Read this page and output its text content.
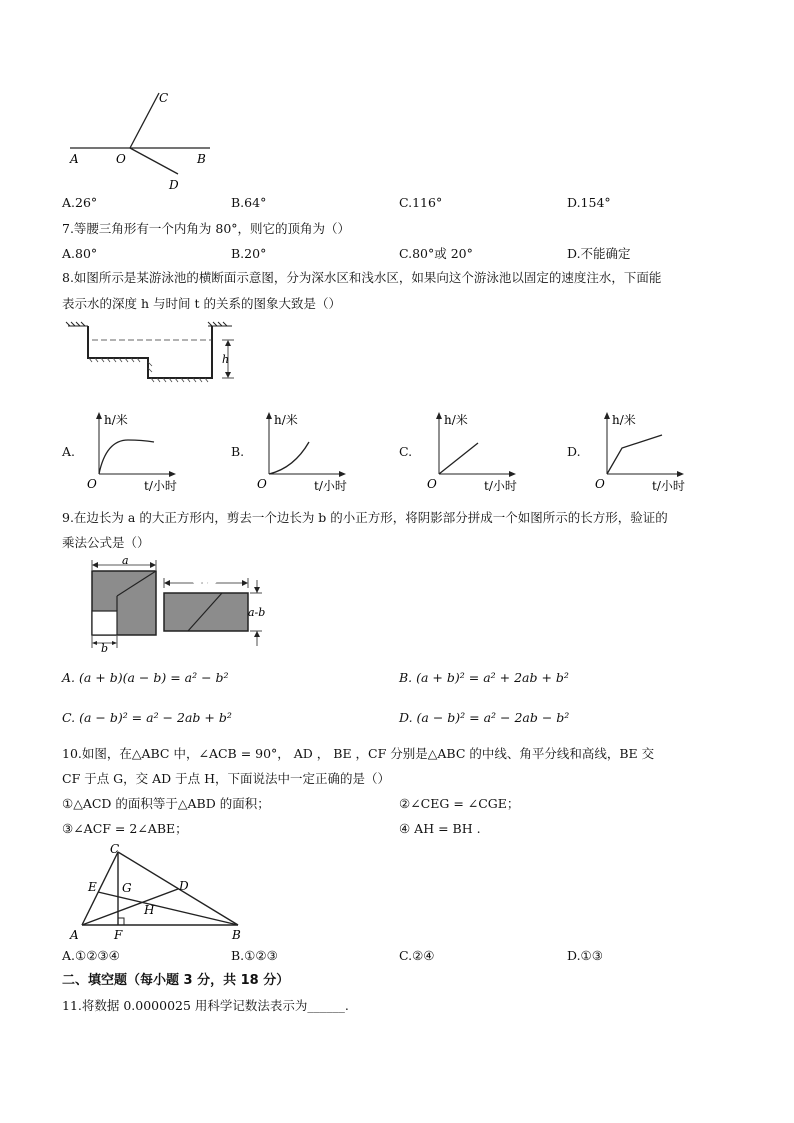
A	O	B
C
D
A.26°	B.64°	C.116°	D.154°
7.等腰三角形有一个内角为 80°，则它的顶角为（）
A.80°	B.20°	C.80°或 20°	D.不能确定
8.如图所示是某游泳池的横断面示意图，分为深水区和浅水区，如果向这个游泳池以固定的速度注水，下面能
表示水的深度 h 与时间 t 的关系的图象大致是（）
h
A.	B.	C.	D.
h/米
O	t/小时
h/米
O	t/小时
h/米
O	t/小时
h/米
O	t/小时
9.在边长为 a 的大正方形内，剪去一个边长为 b 的小正方形，将阴影部分拼成一个如图所示的长方形，验证的
乘法公式是（）
a
b
a+b
a-b
A. (a + b)(a − b) = a² − b²	B. (a + b)² = a² + 2ab + b²
C. (a − b)² = a² − 2ab + b²	D. (a − b)² = a² − 2ab − b²
10.如图，在△ABC 中，∠ACB = 90°， AD ， BE ，CF 分别是△ABC 的中线、角平分线和高线，BE 交
CF 于点 G，交 AD 于点 H，下面说法中一定正确的是（）
①△ACD 的面积等于△ABD 的面积；	②∠CEG = ∠CGE；
③∠ACF = 2∠ABE；	④ AH = BH .
C
E G	D
H
A	F	B
A.①②③④	B.①②③	C.②④	D.①③
二、填空题（每小题 3 分，共 18 分）
11.将数据 0.0000025 用科学记数法表示为______.
